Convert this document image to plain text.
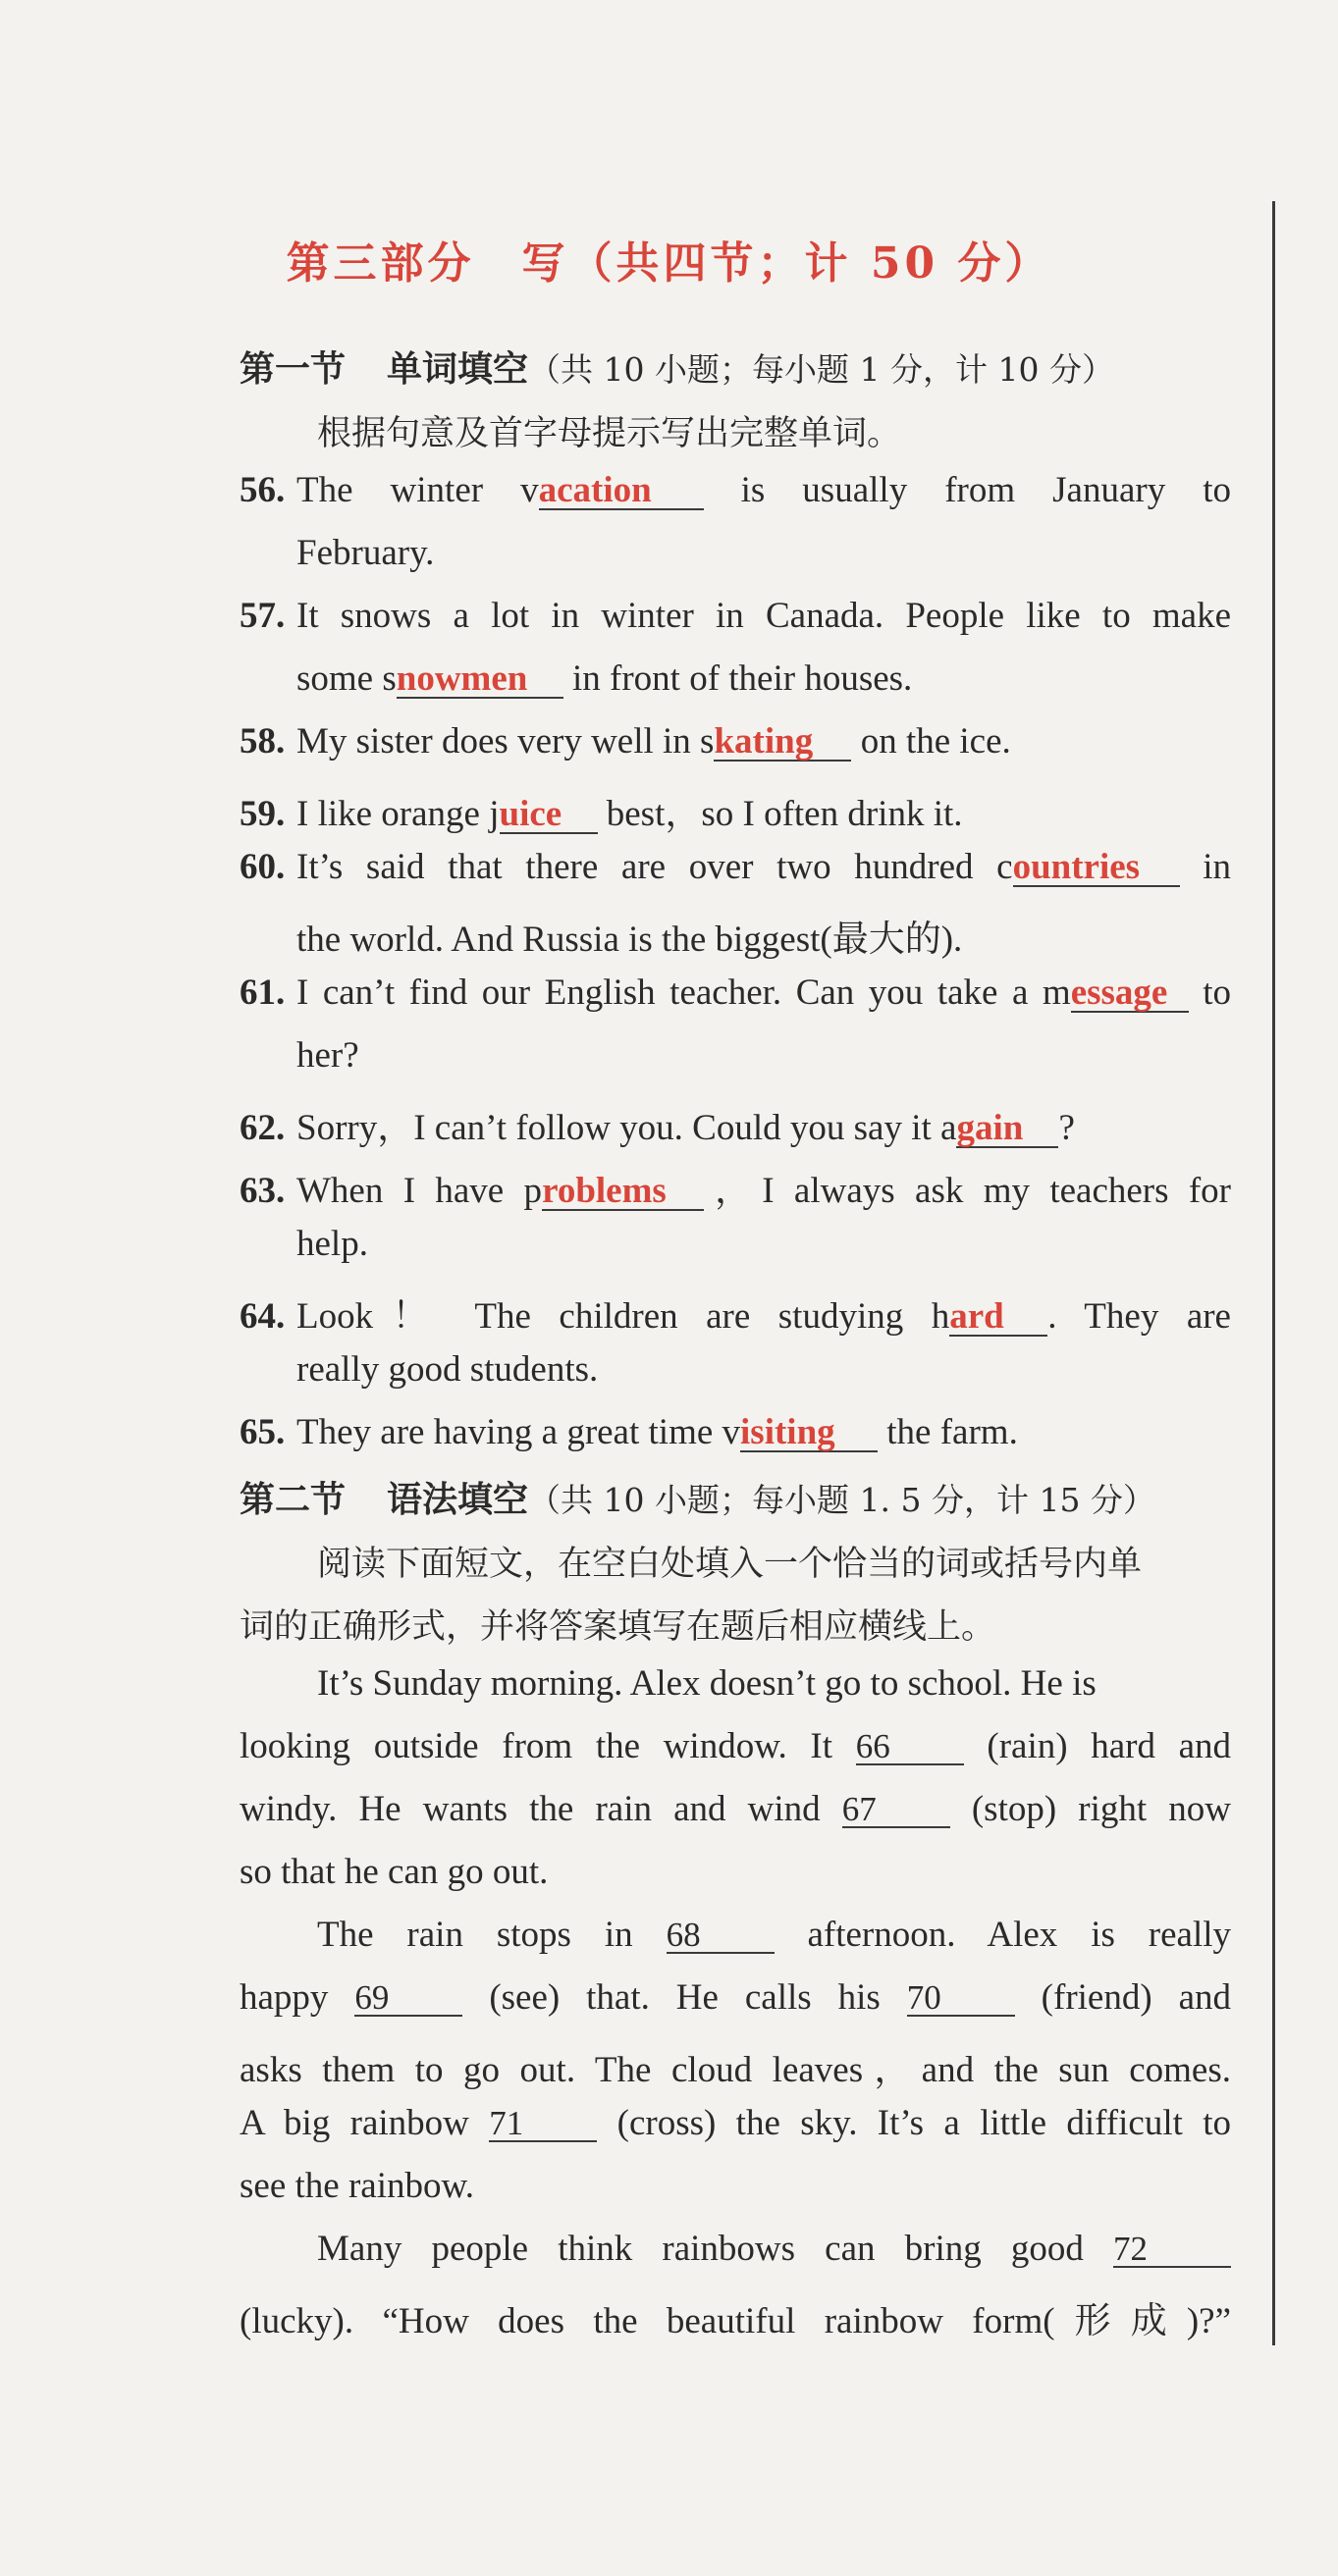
第三部分　写（共四节；计 50 分）
第一节 单词填空（共 10 小题；每小题 1 分，计 10 分）
根据句意及首字母提示写出完整单词。
56. The winter vacation is usually from January to
February.
57. It snows a lot in winter in Canada. People like to make
some snowmen in front of their houses.
58. My sister does very well in skating on the ice.
59. I like orange juice best，so I often drink it.
60. It’s said that there are over two hundred countries in
the world. And Russia is the biggest(最大的).
61. I can’t find our English teacher. Can you take a message to
her?
62. Sorry，I can’t follow you. Could you say it again ?
63. When I have problems ，I always ask my teachers for
help.
64. Look！ The children are studying hard . They are
really good students.
65. They are having a great time visiting the farm.
第二节 语法填空（共 10 小题；每小题 1. 5 分，计 15 分）
阅读下面短文，在空白处填入一个恰当的词或括号内单
词的正确形式，并将答案填写在题后相应横线上。
It’s Sunday morning. Alex doesn’t go to school. He is
looking outside from the window. It 66	(rain) hard and
windy. He wants the rain and wind 67	(stop) right now
so that he can go out.
The rain stops in 68	afternoon. Alex is really
happy 69	(see) that. He calls his 70	(friend) and
asks them to go out. The cloud leaves，and the sun comes.
A big rainbow 71	(cross) the sky. It’s a little difficult to
see the rainbow.
Many people think rainbows can bring good 72
(lucky). “How does the beautiful rainbow form(形成)?”
